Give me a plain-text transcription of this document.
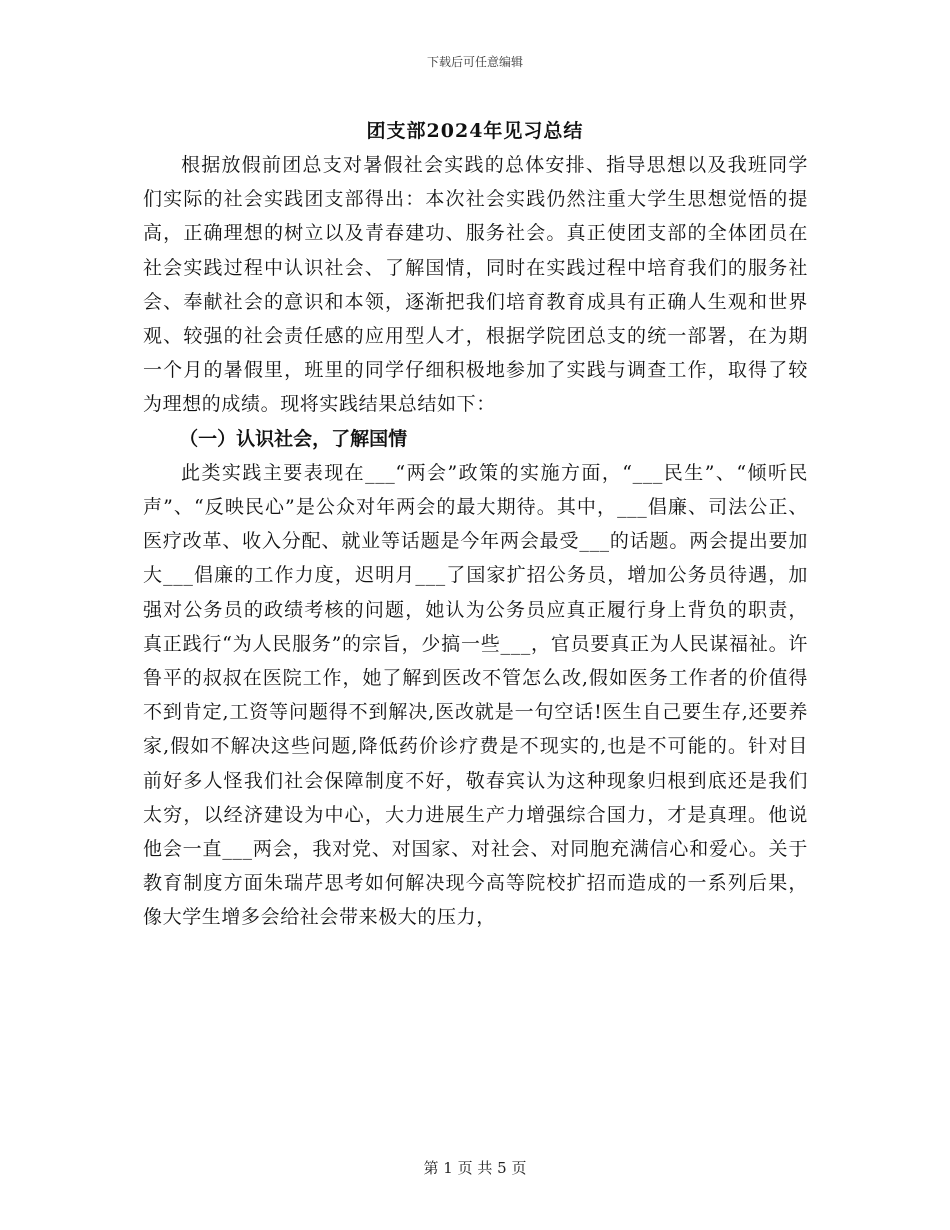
下载后可任意编辑
团支部2024年见习总结

根据放假前团总支对暑假社会实践的总体安排、指导思想以及我班同学们实际的社会实践团支部得出：本次社会实践仍然注重大学生思想觉悟的提高，正确理想的树立以及青春建功、服务社会。真正使团支部的全体团员在社会实践过程中认识社会、了解国情，同时在实践过程中培育我们的服务社会、奉献社会的意识和本领，逐渐把我们培育教育成具有正确人生观和世界观、较强的社会责任感的应用型人才，根据学院团总支的统一部署，在为期一个月的暑假里，班里的同学仔细积极地参加了实践与调查工作，取得了较为理想的成绩。现将实践结果总结如下：

（一）认识社会，了解国情

此类实践主要表现在___“两会”政策的实施方面，“___民生”、“倾听民声”、“反映民心”是公众对年两会的最大期待。其中，___倡廉、司法公正、医疗改革、收入分配、就业等话题是今年两会最受___的话题。两会提出要加大___倡廉的工作力度，迟明月___了国家扩招公务员，增加公务员待遇，加强对公务员的政绩考核的问题，她认为公务员应真正履行身上背负的职责，真正践行“为人民服务”的宗旨，少搞一些___，官员要真正为人民谋福祉。许鲁平的叔叔在医院工作，她了解到医改不管怎么改,假如医务工作者的价值得不到肯定,工资等问题得不到解决,医改就是一句空话!医生自己要生存,还要养家,假如不解决这些问题,降低药价诊疗费是不现实的,也是不可能的。针对目前好多人怪我们社会保障制度不好，敬春宾认为这种现象归根到底还是我们太穷，以经济建设为中心，大力进展生产力增强综合国力，才是真理。他说他会一直___两会，我对党、对国家、对社会、对同胞充满信心和爱心。关于教育制度方面朱瑞芹思考如何解决现今高等院校扩招而造成的一系列后果，像大学生增多会给社会带来极大的压力，

第 1 页 共 5 页
